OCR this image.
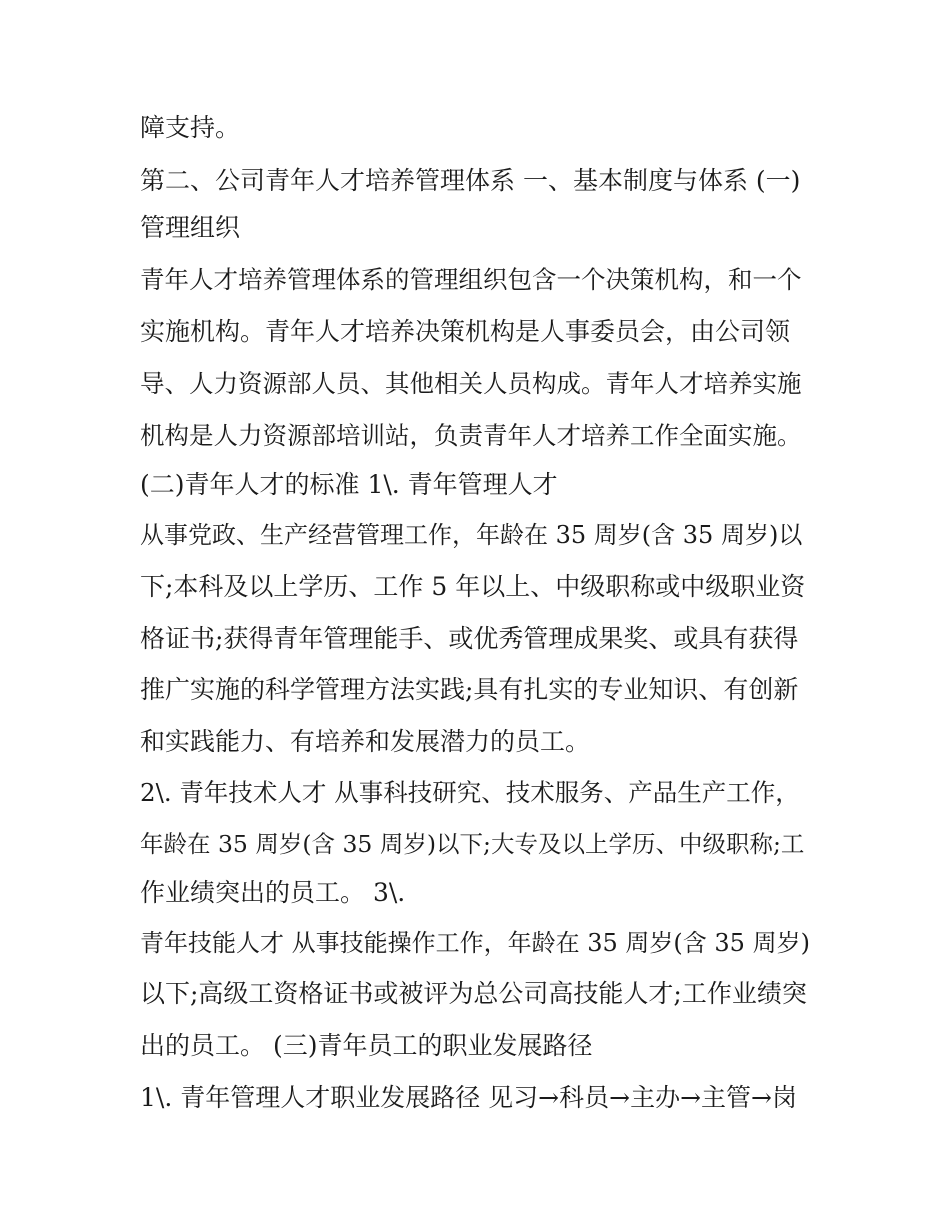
障支持。

第二、公司青年人才培养管理体系 一、基本制度与体系 (一)

管理组织

青年人才培养管理体系的管理组织包含一个决策机构，和一个

实施机构。青年人才培养决策机构是人事委员会，由公司领

导、人力资源部人员、其他相关人员构成。青年人才培养实施

机构是人力资源部培训站，负责青年人才培养工作全面实施。

(二)青年人才的标准 1\. 青年管理人才

从事党政、生产经营管理工作，年龄在 35 周岁(含 35 周岁)以

下;本科及以上学历、工作 5 年以上、中级职称或中级职业资

格证书;获得青年管理能手、或优秀管理成果奖、或具有获得

推广实施的科学管理方法实践;具有扎实的专业知识、有创新

和实践能力、有培养和发展潜力的员工。

2\. 青年技术人才 从事科技研究、技术服务、产品生产工作，

年龄在 35 周岁(含 35 周岁)以下;大专及以上学历、中级职称;工

作业绩突出的员工。 3\.

青年技能人才 从事技能操作工作，年龄在 35 周岁(含 35 周岁)

以下;高级工资格证书或被评为总公司高技能人才;工作业绩突

出的员工。 (三)青年员工的职业发展路径

1\. 青年管理人才职业发展路径 见习→科员→主办→主管→岗
